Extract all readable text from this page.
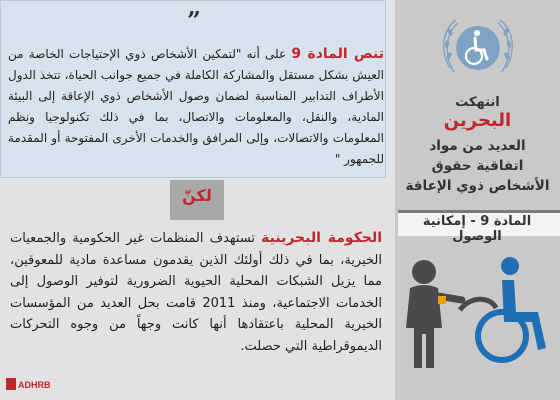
”
تنص المادة 9 على أنه "لتمكين الأشخاص ذوي الإحتياجات الخاصة من العيش بشكل مستقل والمشاركة الكاملة في جميع جوانب الحياة، تتخذ الدول الأطراف التدابير المناسبة لضمان وصول الأشخاص ذوي الإعاقة إلى البيئة المادية، والنقل، والمعلومات والاتصال، بما في ذلك تكنولوجيا ونظم المعلومات والاتصالات، وإلى المرافق والخدمات الأخرى المفتوحة أو المقدمة للجمهور "
لكنّ
الحكومة البحرينية تستهدف المنظمات غير الحكومية والجمعيات الخيرية، بما في ذلك أولئك الذين يقدمون مساعدة مادية للمعوقين، مما يزيل الشبكات المحلية الحيوية الضرورية لتوفير الوصول إلى الخدمات الاجتماعية، ومنذ 2011 قامت بحل العديد من المؤسسات الخيرية المحلية باعتقادها أنها كانت وجهاً من وجوه التحركات الديموقراطية التي حصلت.
انتهكت
البحرين
العديد من مواد اتفاقية حقوق الأشخاص ذوي الإعاقة
المادة 9 - إمكانية الوصول
ADHRB
